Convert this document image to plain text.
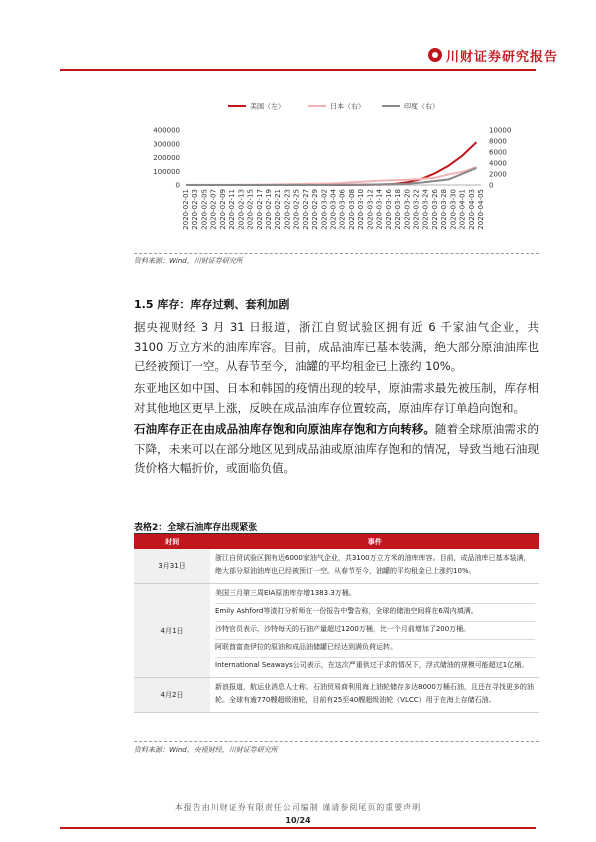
川财证券研究报告
美国（左）	日本（右）	印度（右）
0
100000
200000
300000
400000
0
2000
4000
6000
8000
10000
2020-02-01 2020-02-03 2020-02-05 2020-02-07 2020-02-09 2020-02-11 2020-02-13 2020-02-15 2020-02-17 2020-02-19 2020-02-21 2020-02-23 2020-02-25 2020-02-27 2020-02-29 2020-03-02 2020-03-04 2020-03-06 2020-03-08 2020-03-10 2020-03-12 2020-03-14 2020-03-16 2020-03-18 2020-03-20 2020-03-22 2020-03-24 2020-03-26 2020-03-28 2020-03-30 2020-04-01 2020-04-03 2020-04-05
资料来源：Wind，川财证券研究所
1.5 库存：库存过剩、套利加剧
据央视财经 3 月 31 日报道，浙江自贸试验区拥有近 6 千家油气企业，共 3100 万立方米的油库库容。目前，成品油库已基本装满，绝大部分原油油库也已经被预订一空。从春节至今，油罐的平均租金已上涨约 10%。
东亚地区如中国、日本和韩国的疫情出现的较早，原油需求最先被压制，库存相对其他地区更早上涨，反映在成品油库存位置较高，原油库存订单趋向饱和。
石油库存正在由成品油库存饱和向原油库存饱和方向转移。随着全球原油需求的下降，未来可以在部分地区见到成品油或原油库存饱和的情况，导致当地石油现货价格大幅折价，或面临负值。
表格2：全球石油库存出现紧张
时间	事件
3月31日	浙江自贸试验区拥有近6000家油气企业，共3100万立方米的油库库容。目前，成品油库已基本装满，绝大部分原油油库也已经被预订一空。从春节至今，油罐的平均租金已上涨约10%。

4月1日	美国三月第三周EIA原油库存增1383.3万桶。
Emily Ashford等渣打分析师在一份报告中警告称，全球的储油空间将在6周内填满。
沙特官员表示，沙特每天的石油产量超过1200万桶，比一个月前增加了200万桶。
阿联酋富查伊拉的原油和成品油储罐已经达到满负荷运转。
International Seaways公司表示，在这次严重供过于求的情况下，浮式储油的规模可能超过1亿桶。

4月2日	新浪报道，航运业消息人士称，石油贸易商利用海上油轮储存多达8000万桶石油，且还在寻找更多的油轮。全球有逾770艘超级油轮，目前有25至40艘超级油轮（VLCC）用于在海上存储石油。
资料来源：Wind、央视财经，川财证券研究所
本报告由川财证券有限责任公司编制 谨请参阅尾页的重要声明
10/24
